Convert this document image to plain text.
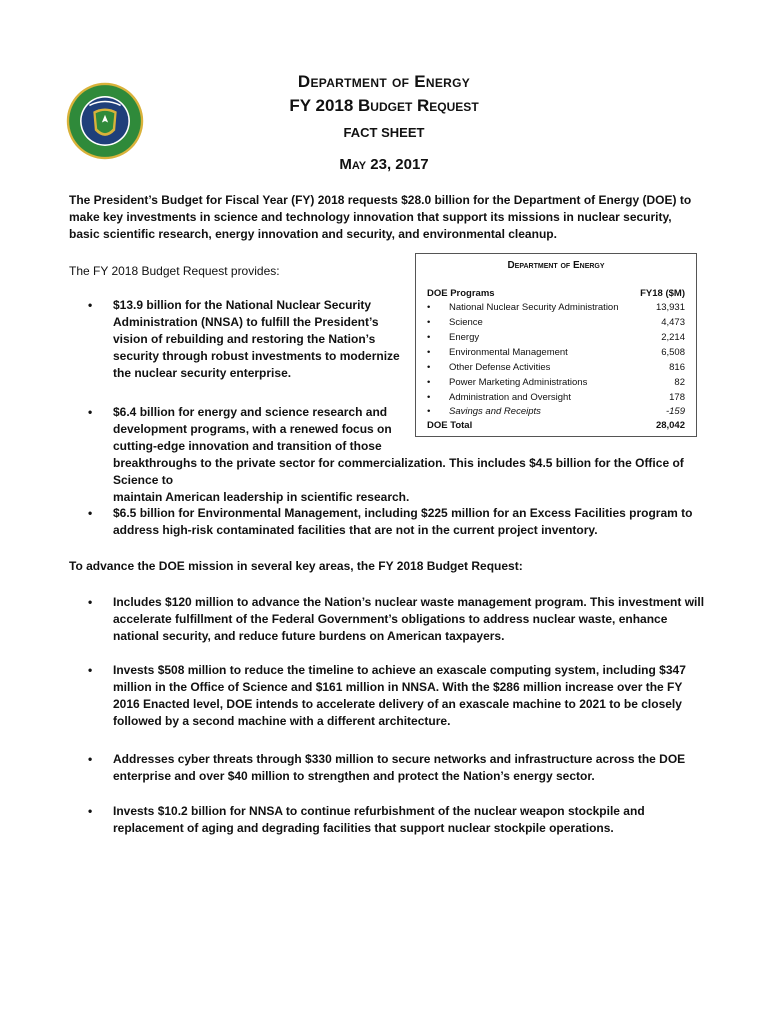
Department of Energy
FY 2018 Budget Request
FACT SHEET
May 23, 2017
The President’s Budget for Fiscal Year (FY) 2018 requests $28.0 billion for the Department of Energy (DOE) to make key investments in science and technology innovation that support its missions in nuclear security, basic scientific research, energy innovation and security, and environmental cleanup.
The FY 2018 Budget Request provides:
• $13.9 billion for the National Nuclear Security
Administration (NNSA) to fulfill the President’s
vision of rebuilding and restoring the Nation’s
security through robust investments to modernize
the nuclear security enterprise.
• $6.4 billion for energy and science research and
development programs, with a renewed focus on
cutting-edge innovation and transition of those
breakthroughs to the private sector for commercialization. This includes $4.5 billion for the Office of Science to
maintain American leadership in scientific research.
• $6.5 billion for Environmental Management, including $225 million for an Excess Facilities program to
address high-risk contaminated facilities that are not in the current project inventory.
To advance the DOE mission in several key areas, the FY 2018 Budget Request:
• Includes $120 million to advance the Nation’s nuclear waste management program. This investment will
accelerate fulfillment of the Federal Government’s obligations to address nuclear waste, enhance
national security, and reduce future burdens on American taxpayers.
• Invests $508 million to reduce the timeline to achieve an exascale computing system, including $347
million in the Office of Science and $161 million in NNSA. With the $286 million increase over the FY
2016 Enacted level, DOE intends to accelerate delivery of an exascale machine to 2021 to be closely
followed by a second machine with a different architecture.
• Addresses cyber threats through $330 million to secure networks and infrastructure across the DOE
enterprise and over $40 million to strengthen and protect the Nation’s energy sector.
• Invests $10.2 billion for NNSA to continue refurbishment of the nuclear weapon stockpile and
replacement of aging and degrading facilities that support nuclear stockpile operations.
Department of Energy
DOE Programs	FY18 ($M)
• National Nuclear Security Administration	13,931
• Science	4,473
• Energy	2,214
• Environmental Management	6,508
• Other Defense Activities	816
• Power Marketing Administrations	82
• Administration and Oversight	178
• Savings and Receipts	-159
DOE Total	28,042
